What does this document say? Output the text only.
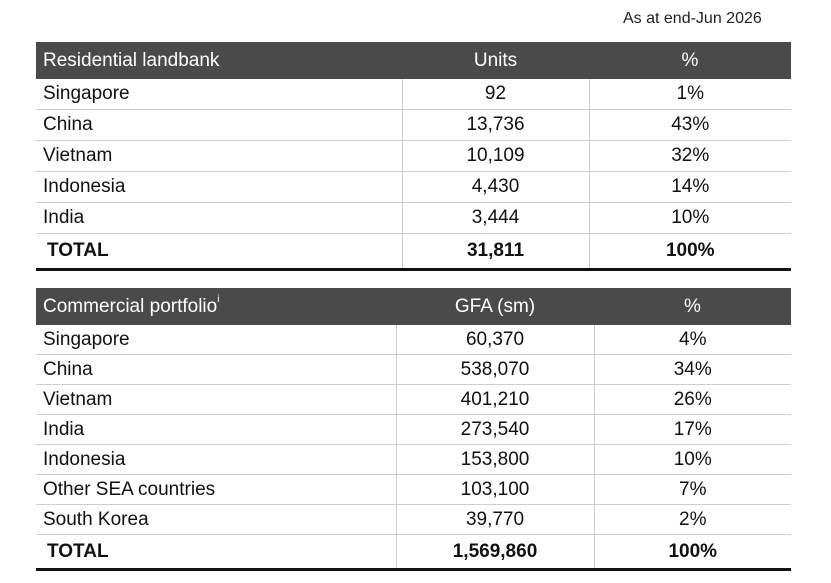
As at end-Jun 2026
Residential landbank	Units	%
Singapore	92	1%
China	13,736	43%
Vietnam	10,109	32%
Indonesia	4,430	14%
India	3,444	10%
TOTAL	31,811	100%
Commercial portfolio$^i$	GFA (sm)	%
Singapore	60,370	4%
China	538,070	34%
Vietnam	401,210	26%
India	273,540	17%
Indonesia	153,800	10%
Other SEA countries	103,100	7%
South Korea	39,770	2%
TOTAL	1,569,860	100%
